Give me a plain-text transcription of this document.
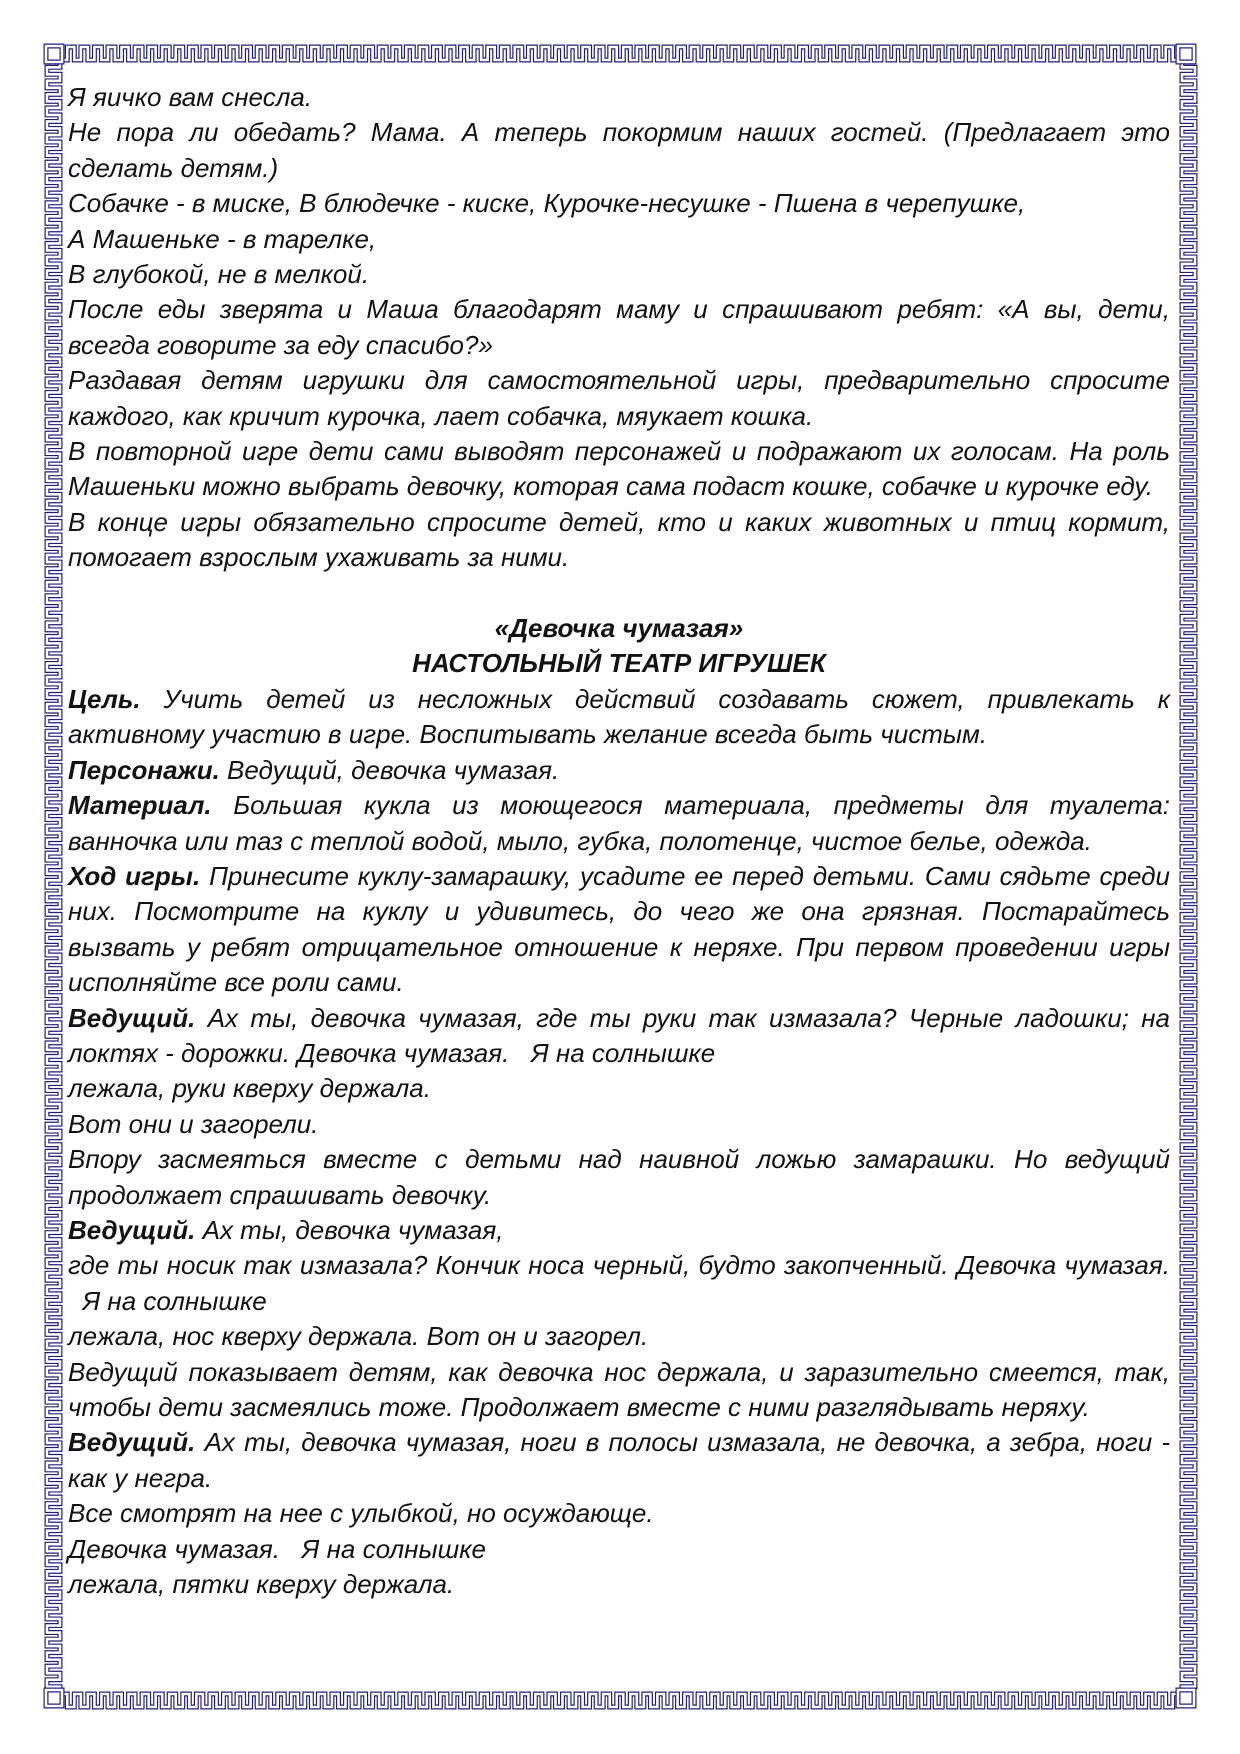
Я яичко вам снесла.

Не пора ли обедать? Мама. А теперь покормим наших гостей. (Предлагает это сделать детям.)

Собачке - в миске, В блюдечке - киске, Курочке-несушке - Пшена в черепушке,

А Машеньке - в тарелке,

В глубокой, не в мелкой.

После еды зверята и Маша благодарят маму и спрашивают ребят: «А вы, дети, всегда говорите за еду спасибо?»

Раздавая детям игрушки для самостоятельной игры, предварительно спросите каждого, как кричит курочка, лает собачка, мяукает кошка.

В повторной игре дети сами выводят персонажей и подражают их голосам. На роль Машеньки можно выбрать девочку, которая сама подаст кошке, собачке и курочке еду.

В конце игры обязательно спросите детей, кто и каких животных и птиц кормит, помогает взрослым ухаживать за ними.

«Девочка чумазая»

НАСТОЛЬНЫЙ ТЕАТР ИГРУШЕК

Цель. Учить детей из несложных действий создавать сюжет, привлекать к активному участию в игре. Воспитывать желание всегда быть чистым.

Персонажи. Ведущий, девочка чумазая.

Материал. Большая кукла из моющегося материала, предметы для туалета: ванночка или таз с теплой водой, мыло, губка, полотенце, чистое белье, одежда.

Ход игры. Принесите куклу-замарашку, усадите ее перед детьми. Сами сядьте среди них. Посмотрите на куклу и удивитесь, до чего же она грязная. Постарайтесь вызвать у ребят отрицательное отношение к неряхе. При первом проведении игры исполняйте все роли сами.

Ведущий. Ах ты, девочка чумазая, где ты руки так измазала? Черные ладошки; на локтях - дорожки. Девочка чумазая.   Я на солнышке

лежала, руки кверху держала.

Вот они и загорели.

Впору засмеяться вместе с детьми над наивной ложью замарашки. Но ведущий продолжает спрашивать девочку.

Ведущий. Ах ты, девочка чумазая,

где ты носик так измазала? Кончик носа черный, будто закопченный. Девочка чумазая.   Я на солнышке

лежала, нос кверху держала. Вот он и загорел.

Ведущий показывает детям, как девочка нос держала, и заразительно смеется, так, чтобы дети засмеялись тоже. Продолжает вместе с ними разглядывать неряху.

Ведущий. Ах ты, девочка чумазая, ноги в полосы измазала, не девочка, а зебра, ноги - как у негра.

Все смотрят на нее с улыбкой, но осуждающе.

Девочка чумазая.   Я на солнышке

лежала, пятки кверху держала.
